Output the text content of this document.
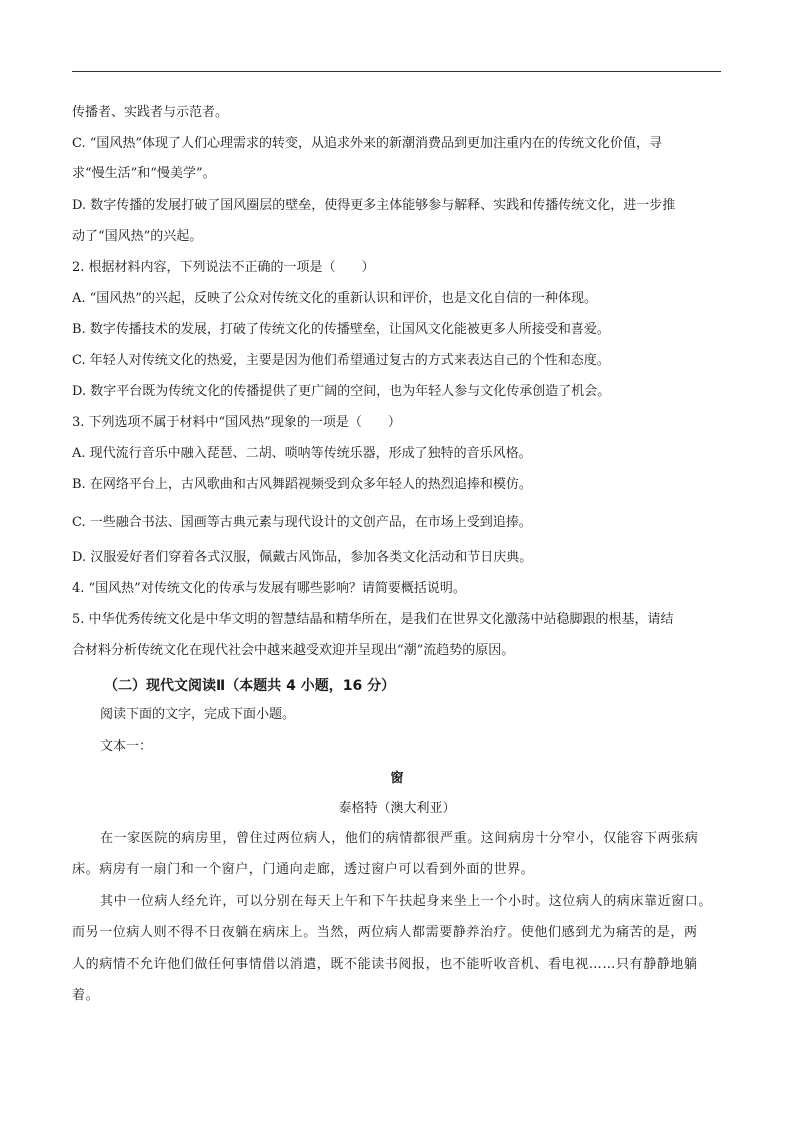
传播者、实践者与示范者。
C. “国风热”体现了人们心理需求的转变，从追求外来的新潮消费品到更加注重内在的传统文化价值，寻
求“慢生活”和“慢美学”。
D. 数字传播的发展打破了国风圈层的壁垒，使得更多主体能够参与解释、实践和传播传统文化，进一步推
动了“国风热”的兴起。
2. 根据材料内容，下列说法不正确的一项是（　　）
A. “国风热”的兴起，反映了公众对传统文化的重新认识和评价，也是文化自信的一种体现。
B. 数字传播技术的发展，打破了传统文化的传播壁垒，让国风文化能被更多人所接受和喜爱。
C. 年轻人对传统文化的热爱，主要是因为他们希望通过复古的方式来表达自己的个性和态度。
D. 数字平台既为传统文化的传播提供了更广阔的空间，也为年轻人参与文化传承创造了机会。
3. 下列选项不属于材料中“国风热”现象的一项是（　　）
A. 现代流行音乐中融入琵琶、二胡、唢呐等传统乐器，形成了独特的音乐风格。
B. 在网络平台上，古风歌曲和古风舞蹈视频受到众多年轻人的热烈追捧和模仿。
C. 一些融合书法、国画等古典元素与现代设计的文创产品，在市场上受到追捧。
D. 汉服爱好者们穿着各式汉服，佩戴古风饰品，参加各类文化活动和节日庆典。
4. “国风热”对传统文化的传承与发展有哪些影响？请简要概括说明。
5. 中华优秀传统文化是中华文明的智慧结晶和精华所在，是我们在世界文化激荡中站稳脚跟的根基，请结
合材料分析传统文化在现代社会中越来越受欢迎并呈现出“潮”流趋势的原因。
（二）现代文阅读Ⅱ（本题共 4 小题，16 分）
阅读下面的文字，完成下面小题。
文本一：
窗
泰格特（澳大利亚）
在一家医院的病房里，曾住过两位病人，他们的病情都很严重。这间病房十分窄小，仅能容下两张病
床。病房有一扇门和一个窗户，门通向走廊，透过窗户可以看到外面的世界。
其中一位病人经允许，可以分别在每天上午和下午扶起身来坐上一个小时。这位病人的病床靠近窗口。
而另一位病人则不得不日夜躺在病床上。当然，两位病人都需要静养治疗。使他们感到尤为痛苦的是，两
人的病情不允许他们做任何事情借以消遣，既不能读书阅报，也不能听收音机、看电视……只有静静地躺
着。
